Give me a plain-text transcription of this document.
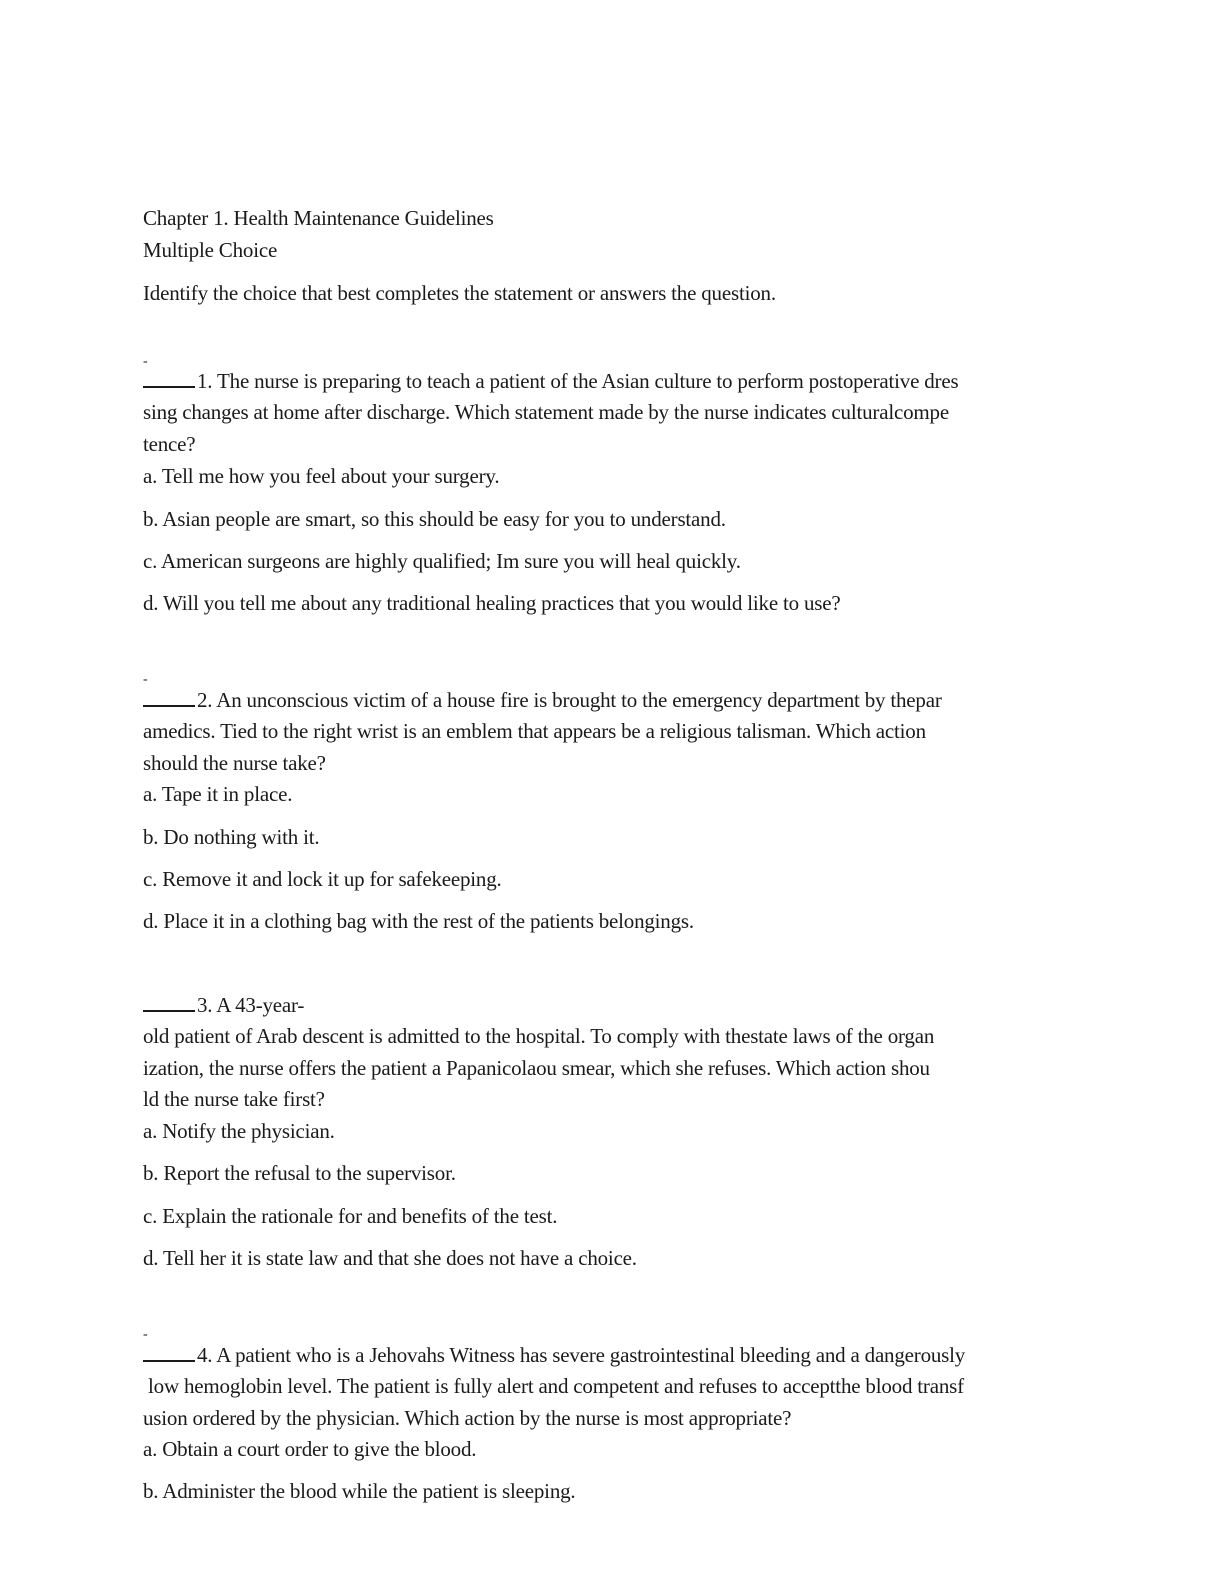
Chapter 1. Health Maintenance Guidelines
Multiple Choice
Identify the choice that best completes the statement or answers the question.
-
1. The nurse is preparing to teach a patient of the Asian culture to perform postoperative dres
sing changes at home after discharge. Which statement made by the nurse indicates culturalcompe
tence?
a. Tell me how you feel about your surgery.
b. Asian people are smart, so this should be easy for you to understand.
c. American surgeons are highly qualified; Im sure you will heal quickly.
d. Will you tell me about any traditional healing practices that you would like to use?
-
2. An unconscious victim of a house fire is brought to the emergency department by thepar
amedics. Tied to the right wrist is an emblem that appears be a religious talisman. Which action
should the nurse take?
a. Tape it in place.
b. Do nothing with it.
c. Remove it and lock it up for safekeeping.
d. Place it in a clothing bag with the rest of the patients belongings.
3. A 43-year-
old patient of Arab descent is admitted to the hospital. To comply with thestate laws of the organ
ization, the nurse offers the patient a Papanicolaou smear, which she refuses. Which action shou
ld the nurse take first?
a. Notify the physician.
b. Report the refusal to the supervisor.
c. Explain the rationale for and benefits of the test.
d. Tell her it is state law and that she does not have a choice.
-
4. A patient who is a Jehovahs Witness has severe gastrointestinal bleeding and a dangerously
low hemoglobin level. The patient is fully alert and competent and refuses to acceptthe blood transf
usion ordered by the physician. Which action by the nurse is most appropriate?
a. Obtain a court order to give the blood.
b. Administer the blood while the patient is sleeping.
